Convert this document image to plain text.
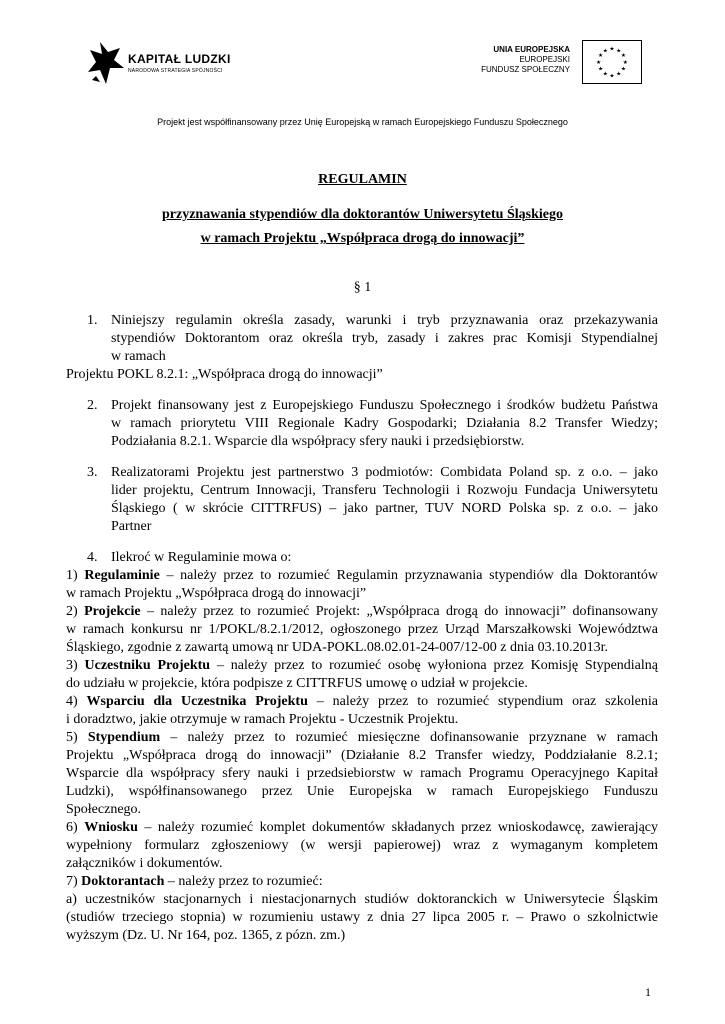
KAPITAŁ LUDZKI
NARODOWA STRATEGIA SPÓJNOŚCI
UNIA EUROPEJSKA
EUROPEJSKI
FUNDUSZ SPOŁECZNY
★ ★
★
★
★
★
★
★
★
★
★
★
Projekt jest współfinansowany przez Unię Europejską w ramach Europejskiego Funduszu Społecznego
REGULAMIN
przyznawania stypendiów dla doktorantów Uniwersytetu Śląskiego
w ramach Projektu „Współpraca drogą do innowacji”
§ 1
1. Niniejszy regulamin określa zasady, warunki i tryb przyznawania oraz przekazywania
stypendiów Doktorantom oraz określa tryb, zasady i zakres prac Komisji Stypendialnej
w ramach
Projektu POKL 8.2.1: „Współpraca drogą do innowacji”
2. Projekt finansowany jest z Europejskiego Funduszu Społecznego i środków budżetu Państwa
w ramach priorytetu VIII Regionale Kadry Gospodarki; Działania 8.2 Transfer Wiedzy;
Podziałania 8.2.1. Wsparcie dla współpracy sfery nauki i przedsiębiorstw.
3. Realizatorami Projektu jest partnerstwo 3 podmiotów: Combidata Poland sp. z o.o. – jako
lider projektu, Centrum Innowacji, Transferu Technologii i Rozwoju Fundacja Uniwersytetu
Śląskiego ( w skrócie CITTRFUS) – jako partner, TUV NORD Polska sp. z o.o. – jako
Partner
4. Ilekroć w Regulaminie mowa o:
1) Regulaminie – należy przez to rozumieć Regulamin przyznawania stypendiów dla Doktorantów
w ramach Projektu „Współpraca drogą do innowacji”
2) Projekcie – należy przez to rozumieć Projekt: „Współpraca drogą do innowacji” dofinansowany
w ramach konkursu nr 1/POKL/8.2.1/2012, ogłoszonego przez Urząd Marszałkowski Województwa
Śląskiego, zgodnie z zawartą umową nr UDA-POKL.08.02.01-24-007/12-00 z dnia 03.10.2013r.
3) Uczestniku Projektu – należy przez to rozumieć osobę wyłoniona przez Komisję Stypendialną
do udziału w projekcie, która podpisze z CITTRFUS umowę o udział w projekcie.
4) Wsparciu dla Uczestnika Projektu – należy przez to rozumieć stypendium oraz szkolenia
i doradztwo, jakie otrzymuje w ramach Projektu - Uczestnik Projektu.
5) Stypendium – należy przez to rozumieć miesięczne dofinansowanie przyznane w ramach
Projektu „Współpraca drogą do innowacji” (Działanie 8.2 Transfer wiedzy, Poddziałanie 8.2.1;
Wsparcie dla współpracy sfery nauki i przedsiebiorstw w ramach Programu Operacyjnego Kapitał
Ludzki), współfinansowanego przez Unie Europejska w ramach Europejskiego Funduszu
Społecznego.
6) Wniosku – należy rozumieć komplet dokumentów składanych przez wnioskodawcę, zawierający
wypełniony formularz zgłoszeniowy (w wersji papierowej) wraz z wymaganym kompletem
załączników i dokumentów.
7) Doktorantach – należy przez to rozumieć:
a) uczestników stacjonarnych i niestacjonarnych studiów doktoranckich w Uniwersytecie Śląskim
(studiów trzeciego stopnia) w rozumieniu ustawy z dnia 27 lipca 2005 r. – Prawo o szkolnictwie
wyższym (Dz. U. Nr 164, poz. 1365, z pózn. zm.)
1
